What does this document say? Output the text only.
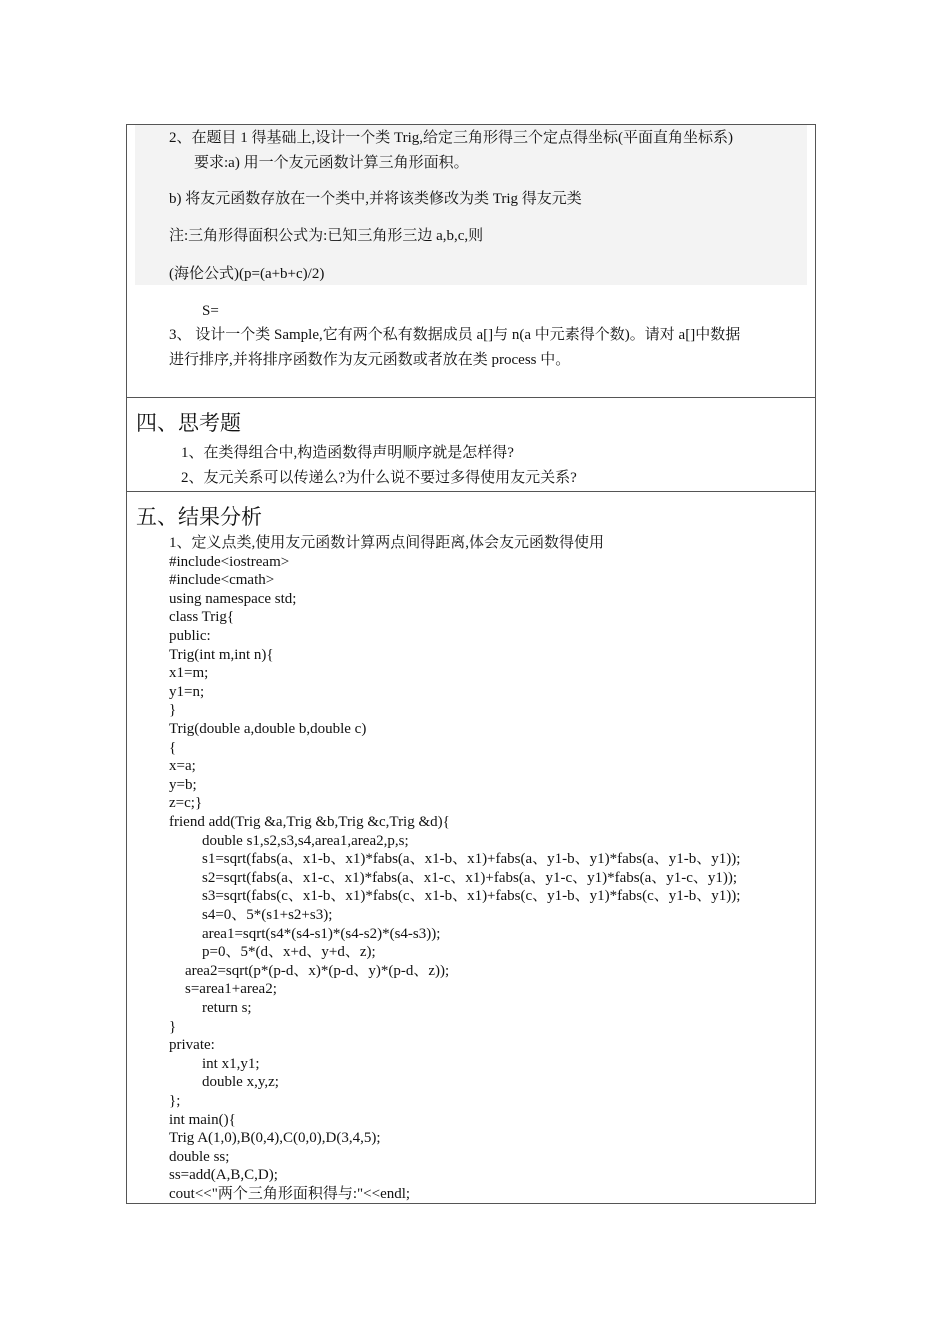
2、在题目 1 得基础上,设计一个类 Trig,给定三角形得三个定点得坐标(平面直角坐标系)
要求:a) 用一个友元函数计算三角形面积。
b) 将友元函数存放在一个类中,并将该类修改为类 Trig 得友元类
注:三角形得面积公式为:已知三角形三边 a,b,c,则
(海伦公式)(p=(a+b+c)/2)
S=
3、 设计一个类 Sample,它有两个私有数据成员 a[]与 n(a 中元素得个数)。请对 a[]中数据
进行排序,并将排序函数作为友元函数或者放在类 process 中。
四、思考题
1、在类得组合中,构造函数得声明顺序就是怎样得?
2、友元关系可以传递么?为什么说不要过多得使用友元关系?
五、结果分析
1、定义点类,使用友元函数计算两点间得距离,体会友元函数得使用
#include<iostream>
#include<cmath>
using namespace std;
class Trig{
public:
Trig(int m,int n){
x1=m;
y1=n;
}
Trig(double a,double b,double c)
{
x=a;
y=b;
z=c;}
friend add(Trig &a,Trig &b,Trig &c,Trig &d){
double s1,s2,s3,s4,area1,area2,p,s;
s1=sqrt(fabs(a、x1-b、x1)*fabs(a、x1-b、x1)+fabs(a、y1-b、y1)*fabs(a、y1-b、y1));
s2=sqrt(fabs(a、x1-c、x1)*fabs(a、x1-c、x1)+fabs(a、y1-c、y1)*fabs(a、y1-c、y1));
s3=sqrt(fabs(c、x1-b、x1)*fabs(c、x1-b、x1)+fabs(c、y1-b、y1)*fabs(c、y1-b、y1));
s4=0、5*(s1+s2+s3);
area1=sqrt(s4*(s4-s1)*(s4-s2)*(s4-s3));
p=0、5*(d、x+d、y+d、z);
area2=sqrt(p*(p-d、x)*(p-d、y)*(p-d、z));
s=area1+area2;
return s;
}
private:
int x1,y1;
double x,y,z;
};
int main(){
Trig A(1,0),B(0,4),C(0,0),D(3,4,5);
double ss;
ss=add(A,B,C,D);
cout<<"两个三角形面积得与:"<<endl;
